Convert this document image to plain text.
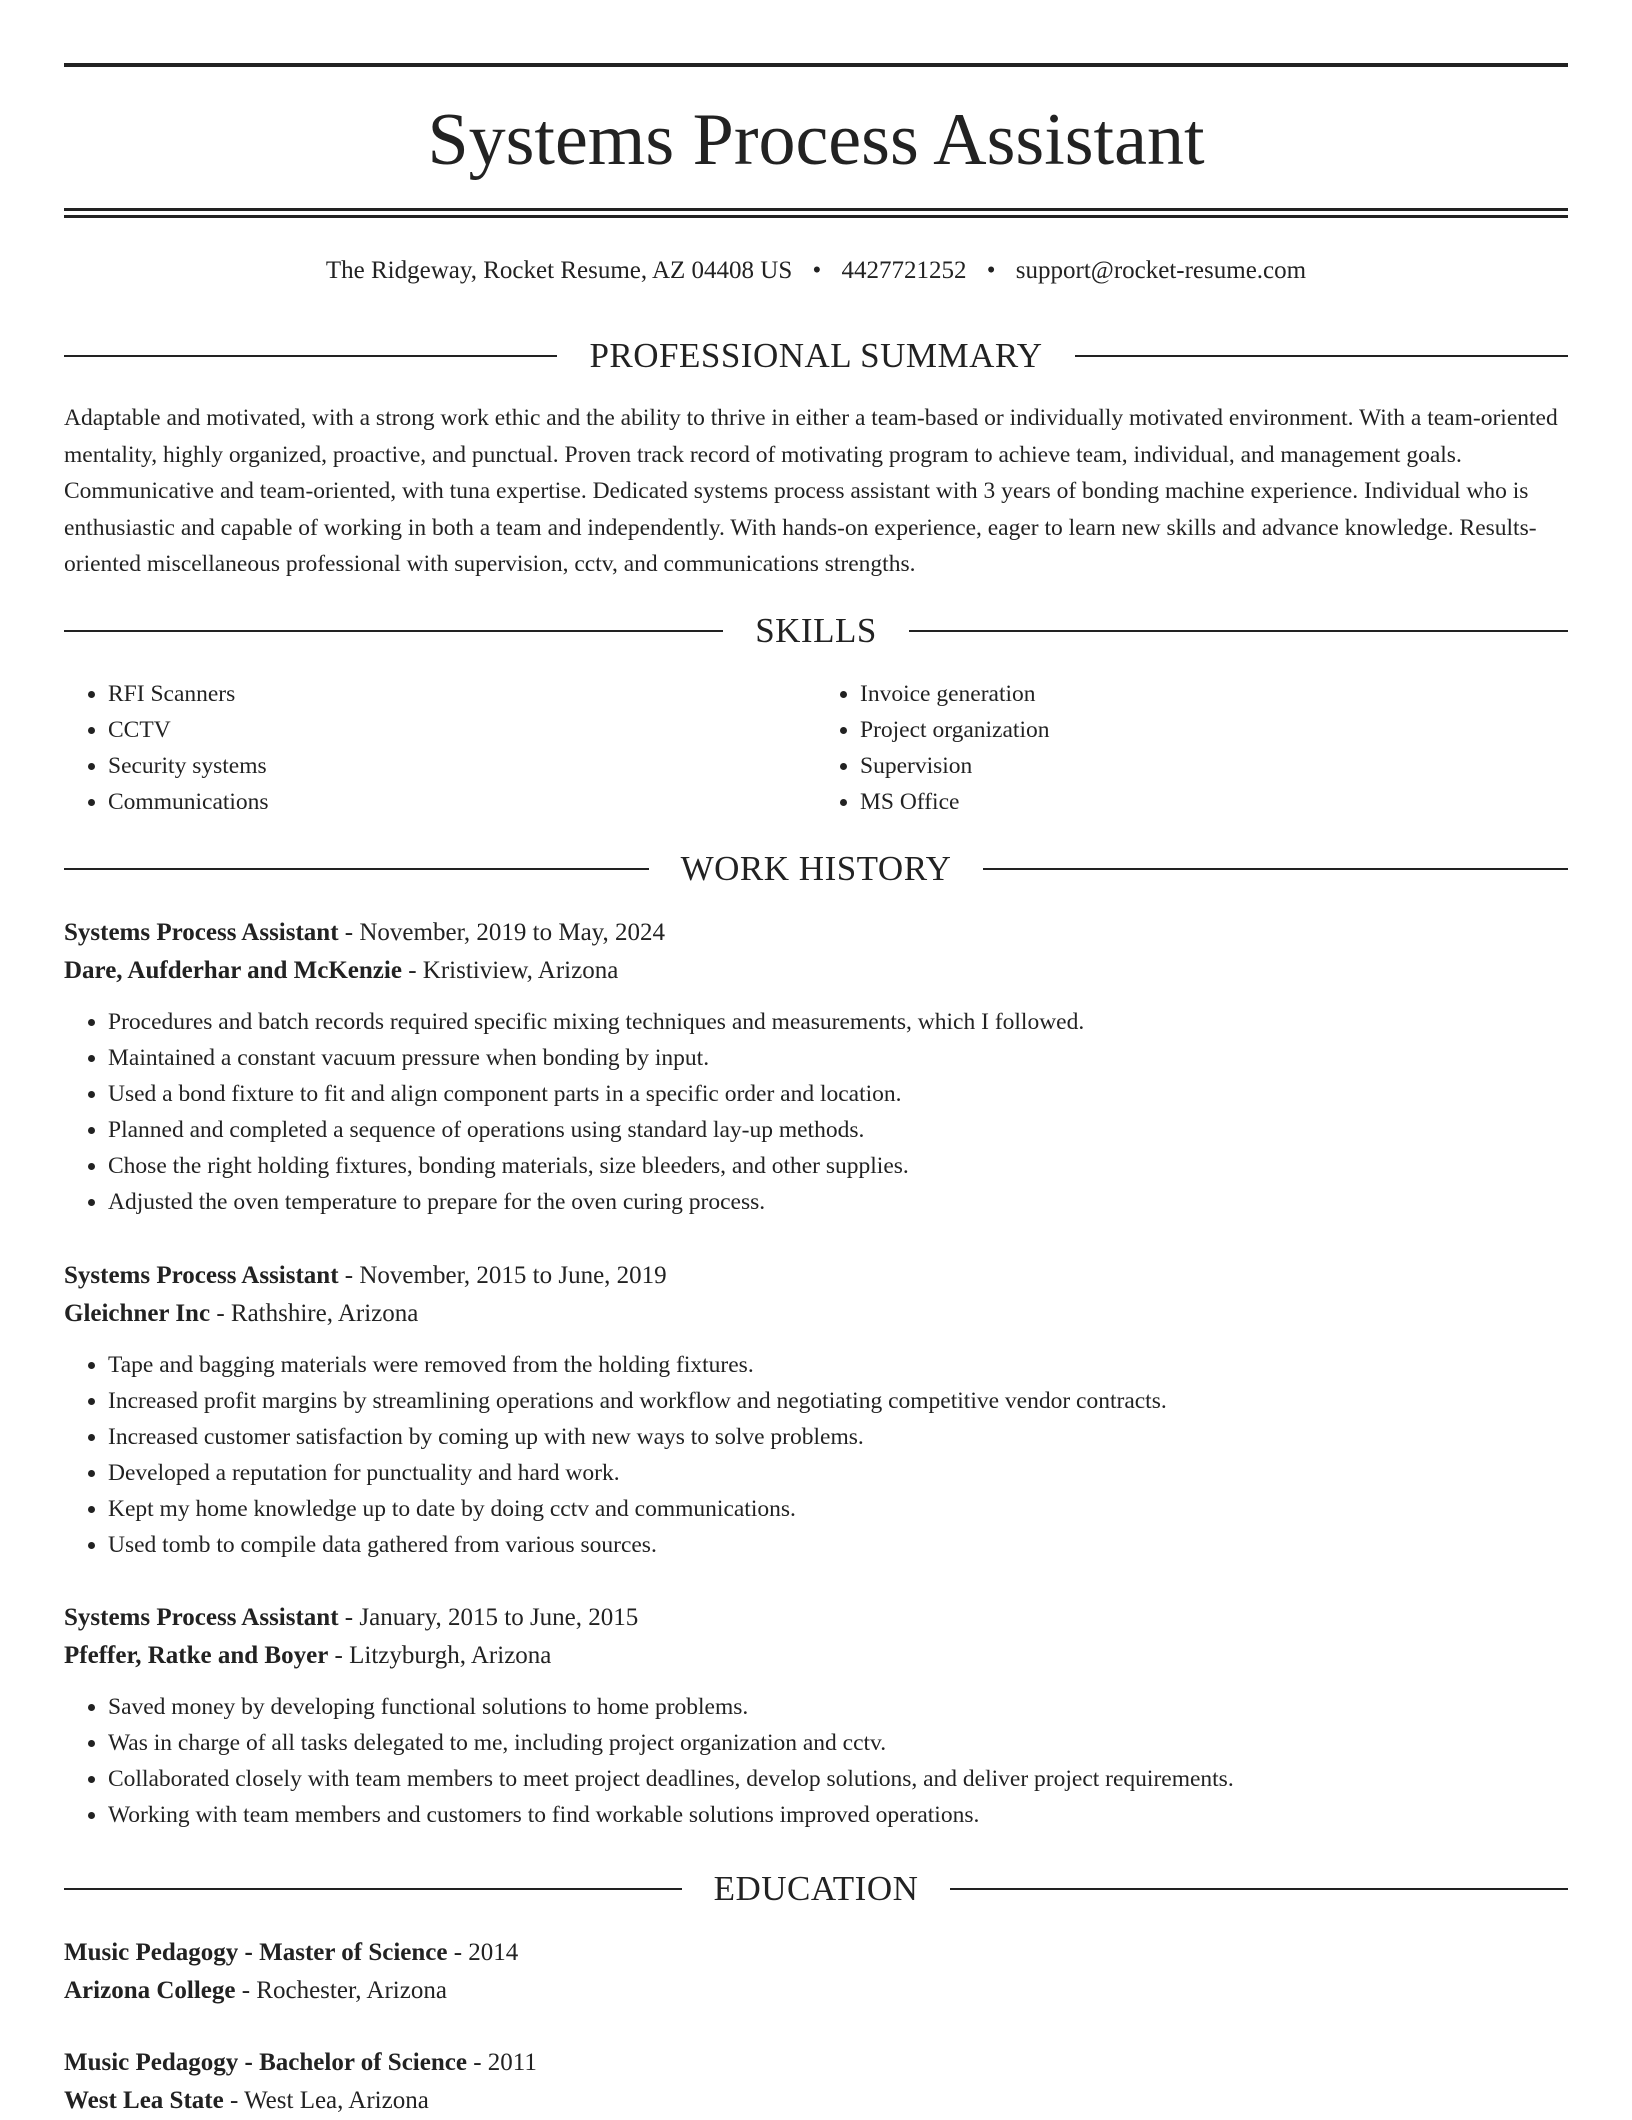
Systems Process Assistant
The Ridgeway, Rocket Resume, AZ 04408 US • 4427721252 • support@rocket-resume.com
PROFESSIONAL SUMMARY

Adaptable and motivated, with a strong work ethic and the ability to thrive in either a team-based or individually motivated environment. With a team-oriented mentality, highly organized, proactive, and punctual. Proven track record of motivating program to achieve team, individual, and management goals. Communicative and team-oriented, with tuna expertise. Dedicated systems process assistant with 3 years of bonding machine experience. Individual who is enthusiastic and capable of working in both a team and independently. With hands-on experience, eager to learn new skills and advance knowledge. Results-oriented miscellaneous professional with supervision, cctv, and communications strengths.

SKILLS
• RFI Scanners
• CCTV
• Security systems
• Communications
• Invoice generation
• Project organization
• Supervision
• MS Office
WORK HISTORY
Systems Process Assistant - November, 2019 to May, 2024
Dare, Aufderhar and McKenzie - Kristiview, Arizona
• Procedures and batch records required specific mixing techniques and measurements, which I followed.
• Maintained a constant vacuum pressure when bonding by input.
• Used a bond fixture to fit and align component parts in a specific order and location.
• Planned and completed a sequence of operations using standard lay-up methods.
• Chose the right holding fixtures, bonding materials, size bleeders, and other supplies.
• Adjusted the oven temperature to prepare for the oven curing process.
Systems Process Assistant - November, 2015 to June, 2019
Gleichner Inc - Rathshire, Arizona
• Tape and bagging materials were removed from the holding fixtures.
• Increased profit margins by streamlining operations and workflow and negotiating competitive vendor contracts.
• Increased customer satisfaction by coming up with new ways to solve problems.
• Developed a reputation for punctuality and hard work.
• Kept my home knowledge up to date by doing cctv and communications.
• Used tomb to compile data gathered from various sources.
Systems Process Assistant - January, 2015 to June, 2015
Pfeffer, Ratke and Boyer - Litzyburgh, Arizona
• Saved money by developing functional solutions to home problems.
• Was in charge of all tasks delegated to me, including project organization and cctv.
• Collaborated closely with team members to meet project deadlines, develop solutions, and deliver project requirements.
• Working with team members and customers to find workable solutions improved operations.
EDUCATION
Music Pedagogy - Master of Science - 2014
Arizona College - Rochester, Arizona
Music Pedagogy - Bachelor of Science - 2011
West Lea State - West Lea, Arizona
